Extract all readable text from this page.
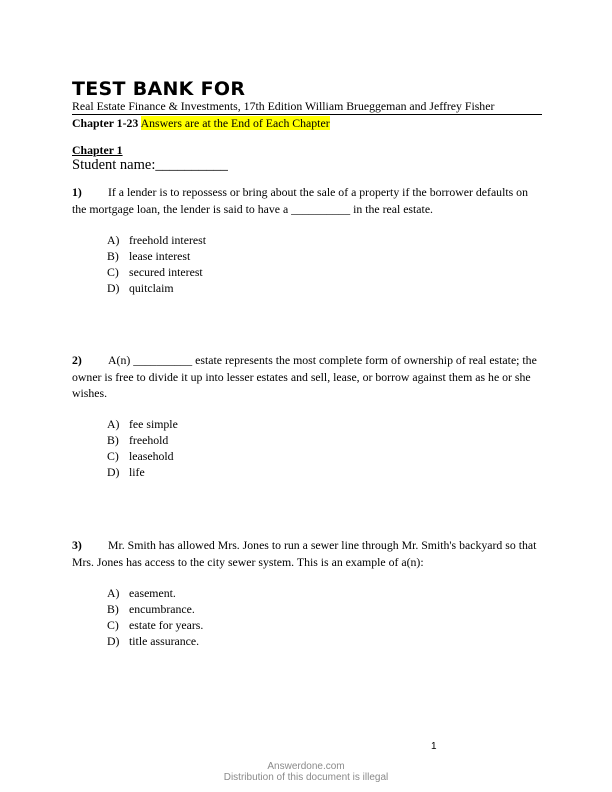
TEST BANK FOR
Real Estate Finance & Investments, 17th Edition William Brueggeman and Jeffrey Fisher
Chapter 1-23 Answers are at the End of Each Chapter
Chapter 1
Student name:__________
1) If a lender is to repossess or bring about the sale of a property if the borrower defaults on the mortgage loan, the lender is said to have a __________ in the real estate.
A) freehold interest
B) lease interest
C) secured interest
D) quitclaim
2) A(n) __________ estate represents the most complete form of ownership of real estate; the owner is free to divide it up into lesser estates and sell, lease, or borrow against them as he or she wishes.
A) fee simple
B) freehold
C) leasehold
D) life
3) Mr. Smith has allowed Mrs. Jones to run a sewer line through Mr. Smith's backyard so that Mrs. Jones has access to the city sewer system. This is an example of a(n):
A) easement.
B) encumbrance.
C) estate for years.
D) title assurance.
1
Answerdone.com
Distribution of this document is illegal
